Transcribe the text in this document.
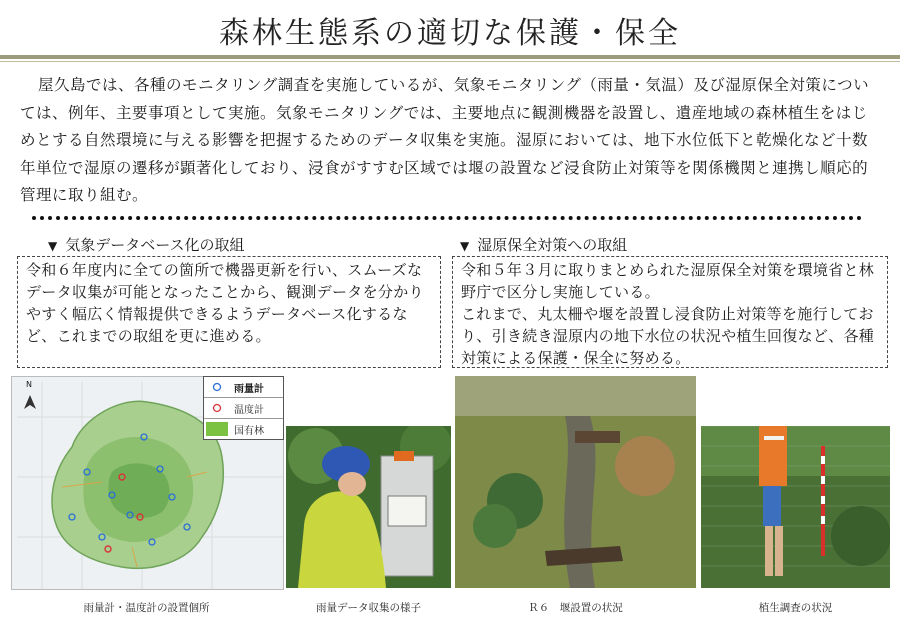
森林生態系の適切な保護・保全
屋久島では、各種のモニタリング調査を実施しているが、気象モニタリング（雨量・気温）及び湿原保全対策については、例年、主要事項として実施。気象モニタリングでは、主要地点に観測機器を設置し、遺産地域の森林植生をはじめとする自然環境に与える影響を把握するためのデータ収集を実施。湿原においては、地下水位低下と乾燥化など十数年単位で湿原の遷移が顕著化しており、浸食がすすむ区域では堰の設置など浸食防止対策等を関係機関と連携し順応的管理に取り組む。
▼ 気象データベース化の取組
令和６年度内に全ての箇所で機器更新を行い、スムーズなデータ収集が可能となったことから、観測データを分かりやすく幅広く情報提供できるようデータベース化するなど、これまでの取組を更に進める。
▼ 湿原保全対策への取組
令和５年３月に取りまとめられた湿原保全対策を環境省と林野庁で区分し実施している。
これまで、丸太柵や堰を設置し浸食防止対策等を施行しており、引き続き湿原内の地下水位の状況や植生回復など、各種対策による保護・保全に努める。
N	雨量計
温度計
国有林
雨量計・温度計の設置個所	雨量データ収集の様子	Ｒ６　堰設置の状況	植生調査の状況
